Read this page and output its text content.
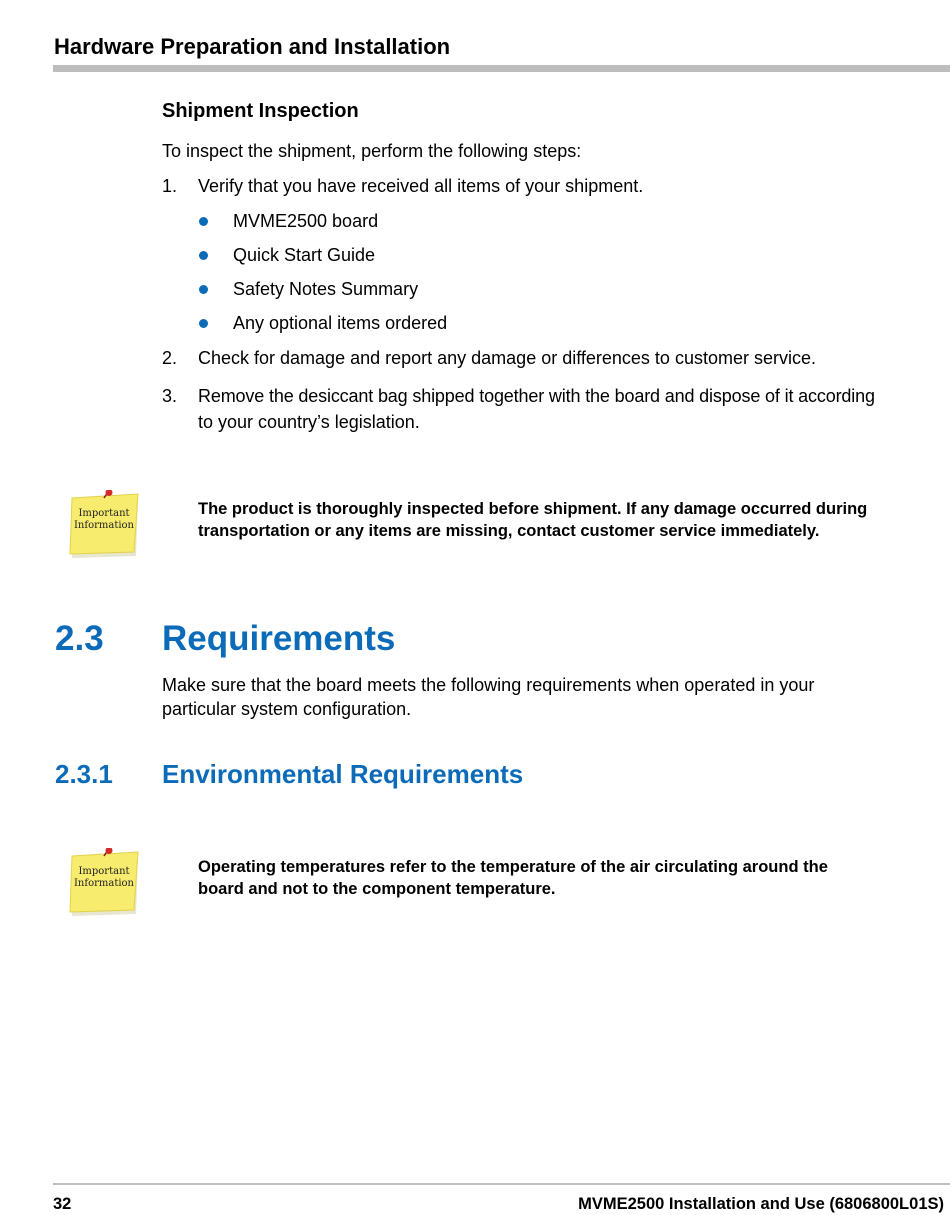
Hardware Preparation and Installation
Shipment Inspection
To inspect the shipment, perform the following steps:
1. Verify that you have received all items of your shipment.
MVME2500 board
Quick Start Guide
Safety Notes Summary
Any optional items ordered
2. Check for damage and report any damage or differences to customer service.
3. Remove the desiccant bag shipped together with the board and dispose of it according
to your country’s legislation.
Important
Information
The product is thoroughly inspected before shipment. If any damage occurred during
transportation or any items are missing, contact customer service immediately.
2.3 Requirements
Make sure that the board meets the following requirements when operated in your
particular system configuration.
2.3.1 Environmental Requirements
Important
Information
Operating temperatures refer to the temperature of the air circulating around the
board and not to the component temperature.
32	MVME2500 Installation and Use (6806800L01S)
